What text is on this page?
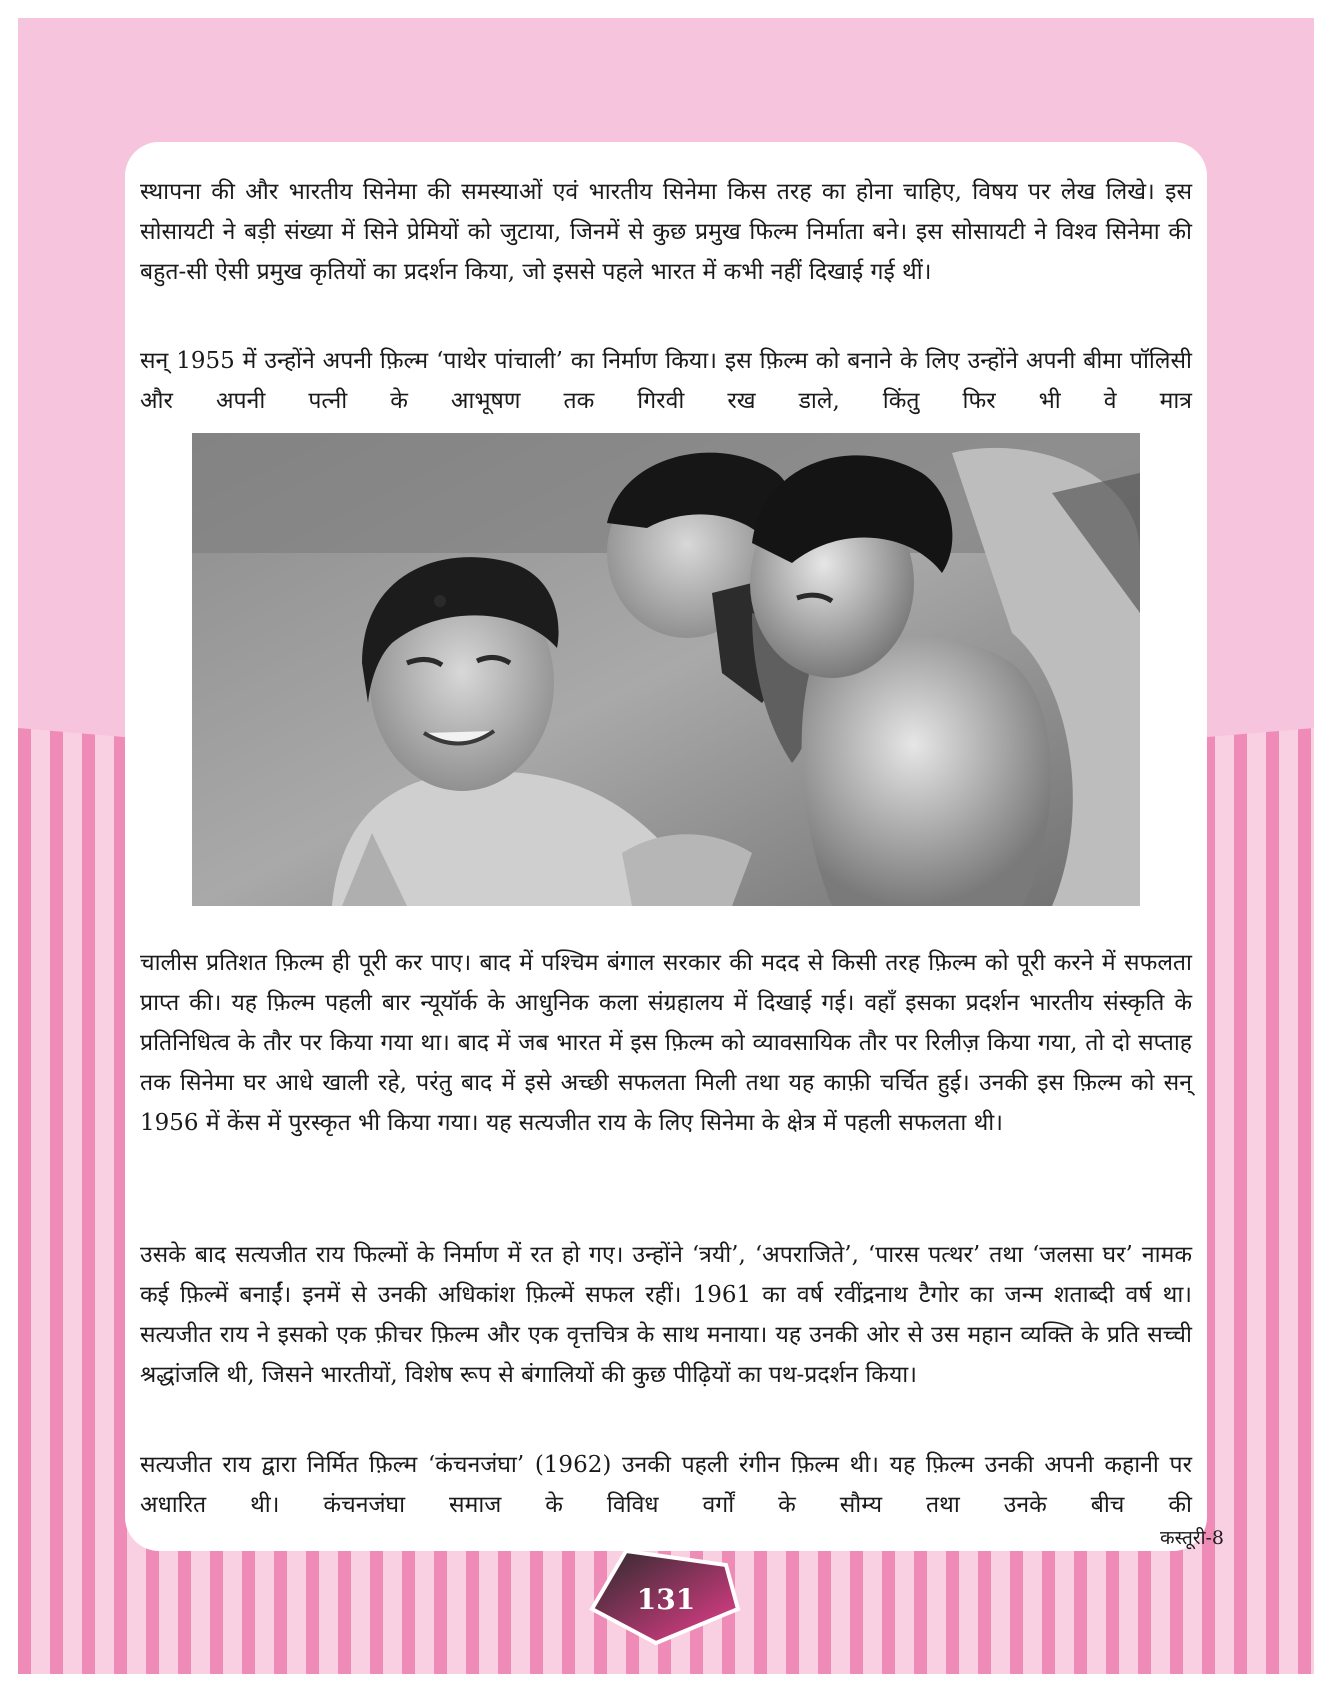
स्थापना की और भारतीय सिनेमा की समस्याओं एवं भारतीय सिनेमा किस तरह का होना चाहिए, विषय पर लेख लिखे। इस सोसायटी ने बड़ी संख्या में सिने प्रेमियों को जुटाया, जिनमें से कुछ प्रमुख फिल्म निर्माता बने। इस सोसायटी ने विश्व सिनेमा की बहुत-सी ऐसी प्रमुख कृतियों का प्रदर्शन किया, जो इससे पहले भारत में कभी नहीं दिखाई गई थीं।

सन् 1955 में उन्होंने अपनी फ़िल्म ‘पाथेर पांचाली’ का निर्माण किया। इस फ़िल्म को बनाने के लिए उन्होंने अपनी बीमा पॉलिसी और अपनी पत्नी के आभूषण तक गिरवी रख डाले, किंतु फिर भी वे मात्र

चालीस प्रतिशत फ़िल्म ही पूरी कर पाए। बाद में पश्चिम बंगाल सरकार की मदद से किसी तरह फ़िल्म को पूरी करने में सफलता प्राप्त की। यह फ़िल्म पहली बार न्यूयॉर्क के आधुनिक कला संग्रहालय में दिखाई गई। वहाँ इसका प्रदर्शन भारतीय संस्कृति के प्रतिनिधित्व के तौर पर किया गया था। बाद में जब भारत में इस फ़िल्म को व्यावसायिक तौर पर रिलीज़ किया गया, तो दो सप्ताह तक सिनेमा घर आधे खाली रहे, परंतु बाद में इसे अच्छी सफलता मिली तथा यह काफ़ी चर्चित हुई। उनकी इस फ़िल्म को सन् 1956 में केंस में पुरस्कृत भी किया गया। यह सत्यजीत राय के लिए सिनेमा के क्षेत्र में पहली सफलता थी।

उसके बाद सत्यजीत राय फिल्मों के निर्माण में रत हो गए। उन्होंने ‘त्रयी’, ‘अपराजिते’, ‘पारस पत्थर’ तथा ‘जलसा घर’ नामक कई फ़िल्में बनाईं। इनमें से उनकी अधिकांश फ़िल्में सफल रहीं। 1961 का वर्ष रवींद्रनाथ टैगोर का जन्म शताब्दी वर्ष था। सत्यजीत राय ने इसको एक फ़ीचर फ़िल्म और एक वृत्तचित्र के साथ मनाया। यह उनकी ओर से उस महान व्यक्ति के प्रति सच्ची श्रद्धांजलि थी, जिसने भारतीयों, विशेष रूप से बंगालियों की कुछ पीढ़ियों का पथ-प्रदर्शन किया।

सत्यजीत राय द्वारा निर्मित फ़िल्म ‘कंचनजंघा’ (1962) उनकी पहली रंगीन फ़िल्म थी। यह फ़िल्म उनकी अपनी कहानी पर अधारित थी। कंचनजंघा समाज के विविध वर्गों के सौम्य तथा उनके बीच की

कस्तूरी-8
131
